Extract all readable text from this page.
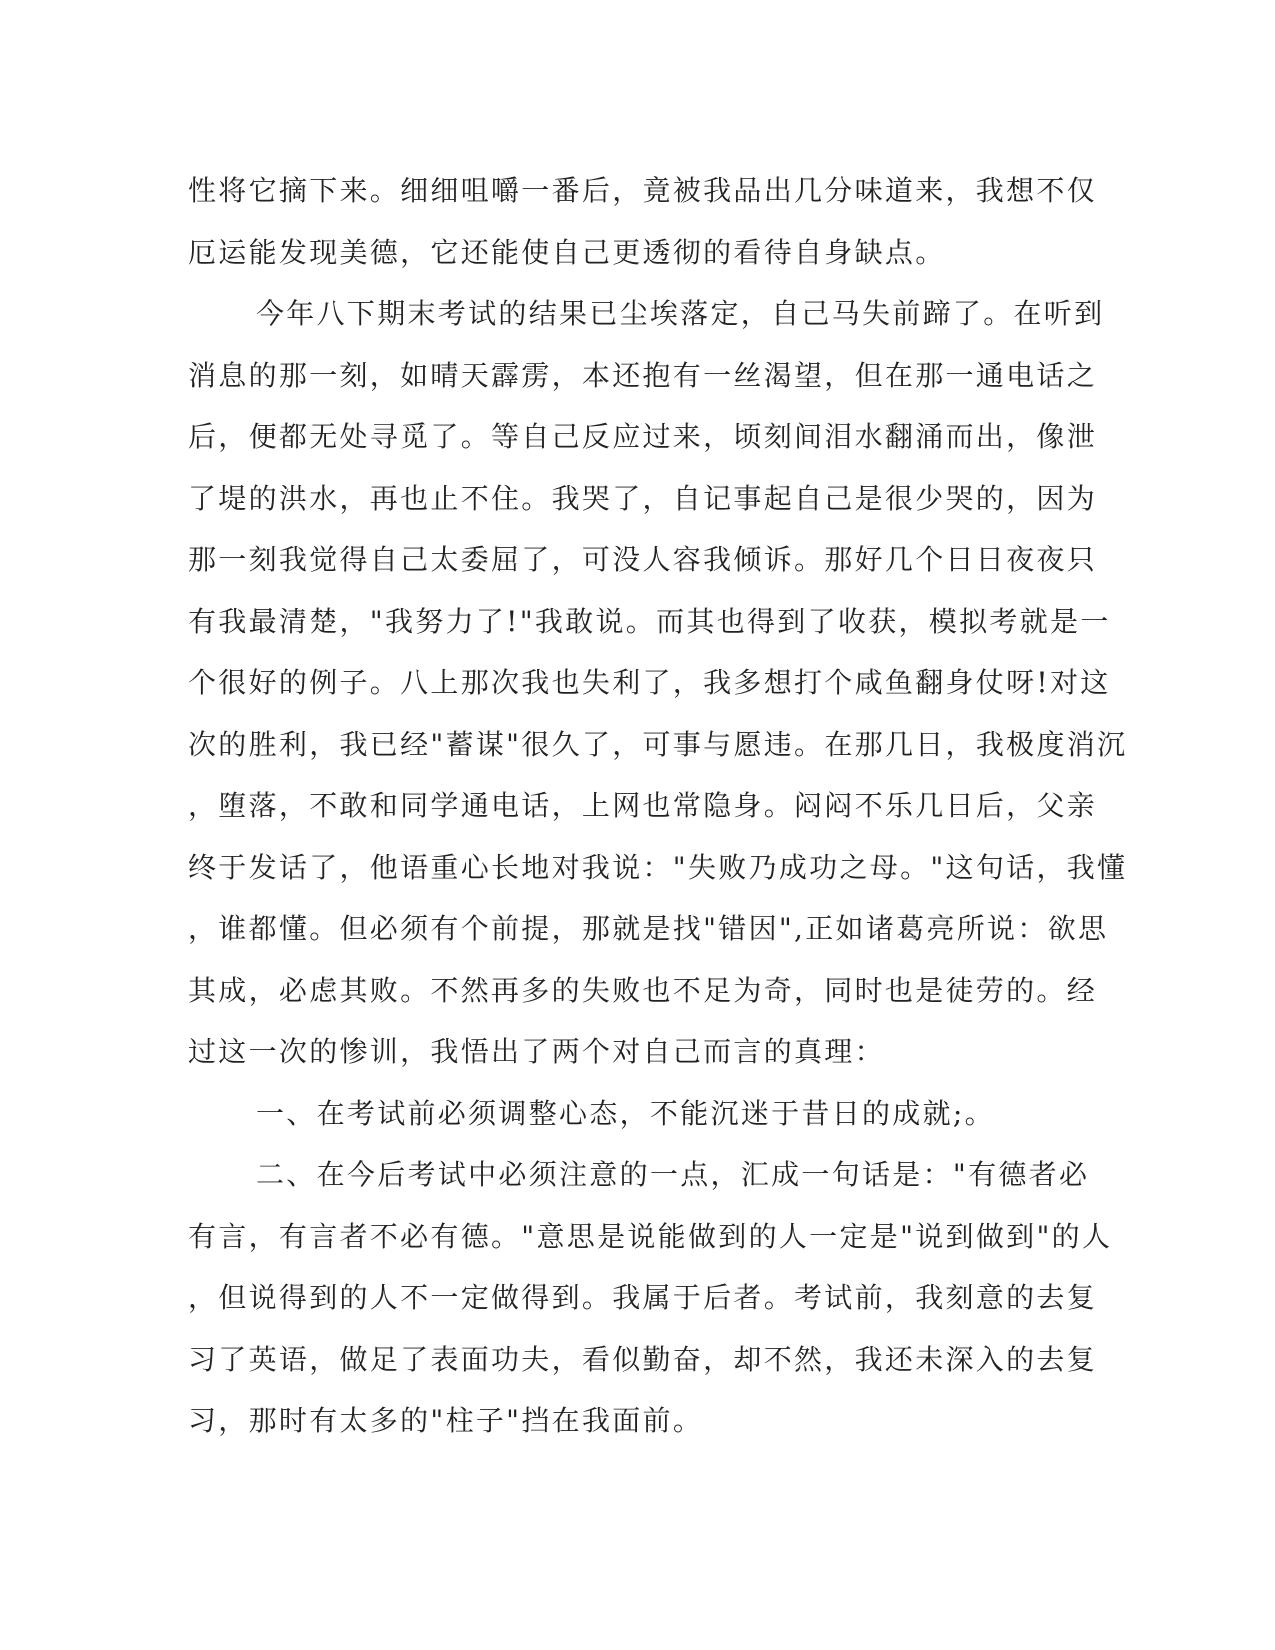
性将它摘下来。细细咀嚼一番后，竟被我品出几分味道来，我想不仅
厄运能发现美德，它还能使自己更透彻的看待自身缺点。
今年八下期末考试的结果已尘埃落定，自己马失前蹄了。在听到
消息的那一刻，如晴天霹雳，本还抱有一丝渴望，但在那一通电话之
后，便都无处寻觅了。等自己反应过来，顷刻间泪水翻涌而出，像泄
了堤的洪水，再也止不住。我哭了，自记事起自己是很少哭的，因为
那一刻我觉得自己太委屈了，可没人容我倾诉。那好几个日日夜夜只
有我最清楚，"我努力了!"我敢说。而其也得到了收获，模拟考就是一
个很好的例子。八上那次我也失利了，我多想打个咸鱼翻身仗呀!对这
次的胜利，我已经"蓄谋"很久了，可事与愿违。在那几日，我极度消沉
，堕落，不敢和同学通电话，上网也常隐身。闷闷不乐几日后，父亲
终于发话了，他语重心长地对我说："失败乃成功之母。"这句话，我懂
，谁都懂。但必须有个前提，那就是找"错因",正如诸葛亮所说：欲思
其成，必虑其败。不然再多的失败也不足为奇，同时也是徒劳的。经
过这一次的惨训，我悟出了两个对自己而言的真理：
一、在考试前必须调整心态，不能沉迷于昔日的成就;。
二、在今后考试中必须注意的一点，汇成一句话是："有德者必
有言，有言者不必有德。"意思是说能做到的人一定是"说到做到"的人
，但说得到的人不一定做得到。我属于后者。考试前，我刻意的去复
习了英语，做足了表面功夫，看似勤奋，却不然，我还未深入的去复
习，那时有太多的"柱子"挡在我面前。
